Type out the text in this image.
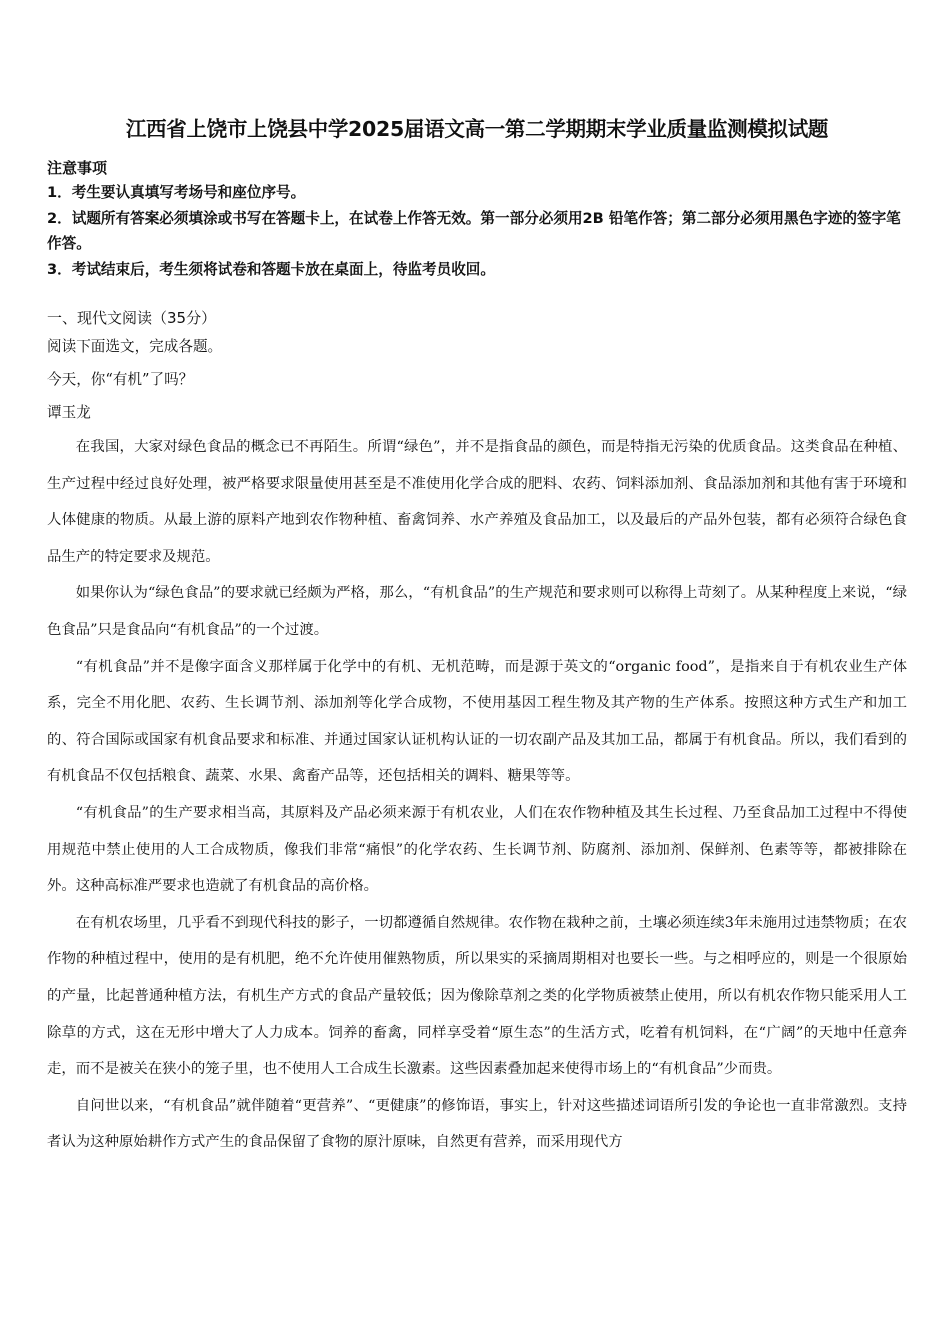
江西省上饶市上饶县中学2025届语文高一第二学期期末学业质量监测模拟试题
注意事项

1．考生要认真填写考场号和座位序号。

2．试题所有答案必须填涂或书写在答题卡上，在试卷上作答无效。第一部分必须用2B 铅笔作答；第二部分必须用黑色字迹的签字笔作答。

3．考试结束后，考生须将试卷和答题卡放在桌面上，待监考员收回。

一、现代文阅读（35分）

阅读下面选文，完成各题。

今天，你“有机”了吗？

谭玉龙

在我国，大家对绿色食品的概念已不再陌生。所谓“绿色”，并不是指食品的颜色，而是特指无污染的优质食品。这类食品在种植、生产过程中经过良好处理，被严格要求限量使用甚至是不准使用化学合成的肥料、农药、饲料添加剂、食品添加剂和其他有害于环境和人体健康的物质。从最上游的原料产地到农作物种植、畜禽饲养、水产养殖及食品加工，以及最后的产品外包装，都有必须符合绿色食品生产的特定要求及规范。

如果你认为“绿色食品”的要求就已经颇为严格，那么，“有机食品”的生产规范和要求则可以称得上苛刻了。从某种程度上来说，“绿色食品”只是食品向“有机食品”的一个过渡。

“有机食品”并不是像字面含义那样属于化学中的有机、无机范畴，而是源于英文的“organic food”，是指来自于有机农业生产体系，完全不用化肥、农药、生长调节剂、添加剂等化学合成物，不使用基因工程生物及其产物的生产体系。按照这种方式生产和加工的、符合国际或国家有机食品要求和标准、并通过国家认证机构认证的一切农副产品及其加工品，都属于有机食品。所以，我们看到的有机食品不仅包括粮食、蔬菜、水果、禽畜产品等，还包括相关的调料、糖果等等。

“有机食品”的生产要求相当高，其原料及产品必须来源于有机农业，人们在农作物种植及其生长过程、乃至食品加工过程中不得使用规范中禁止使用的人工合成物质，像我们非常“痛恨”的化学农药、生长调节剂、防腐剂、添加剂、保鲜剂、色素等等，都被排除在外。这种高标准严要求也造就了有机食品的高价格。

在有机农场里，几乎看不到现代科技的影子，一切都遵循自然规律。农作物在栽种之前，土壤必须连续3年未施用过违禁物质；在农作物的种植过程中，使用的是有机肥，绝不允许使用催熟物质，所以果实的采摘周期相对也要长一些。与之相呼应的，则是一个很原始的产量，比起普通种植方法，有机生产方式的食品产量较低；因为像除草剂之类的化学物质被禁止使用，所以有机农作物只能采用人工除草的方式，这在无形中增大了人力成本。饲养的畜禽，同样享受着“原生态”的生活方式，吃着有机饲料，在“广阔”的天地中任意奔走，而不是被关在狭小的笼子里，也不使用人工合成生长激素。这些因素叠加起来使得市场上的“有机食品”少而贵。

自问世以来，“有机食品”就伴随着“更营养”、“更健康”的修饰语，事实上，针对这些描述词语所引发的争论也一直非常激烈。支持者认为这种原始耕作方式产生的食品保留了食物的原汁原味，自然更有营养，而采用现代方
